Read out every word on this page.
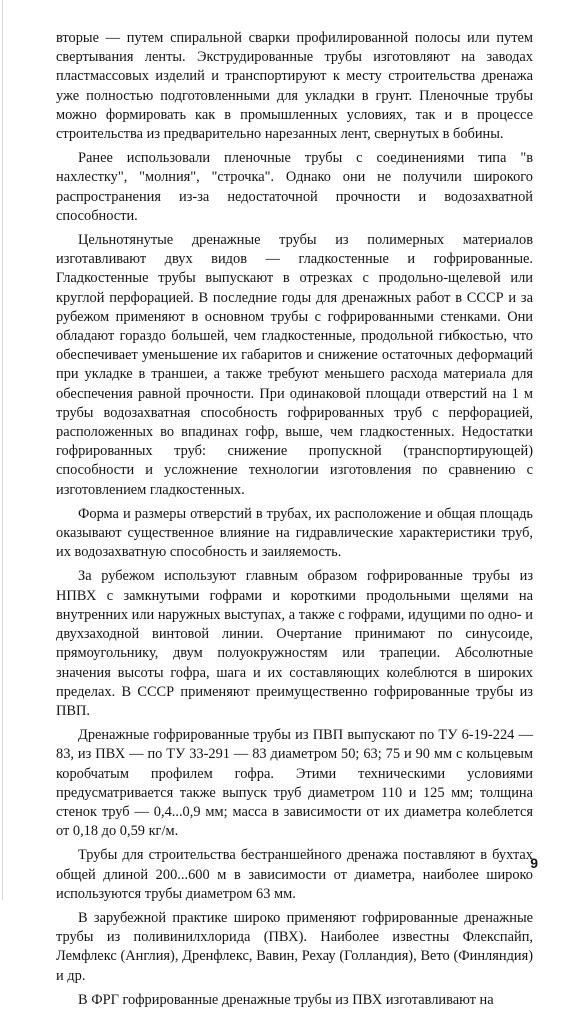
вторые — путем спиральной сварки профилированной полосы или путем свертывания ленты. Экструдированные трубы изготовляют на заводах пластмассовых изделий и транспортируют к месту строительства дренажа уже полностью подготовленными для укладки в грунт. Пленочные трубы можно формировать как в промышленных условиях, так и в процессе строительства из предварительно нарезанных лент, свернутых в бобины.

Ранее использовали пленочные трубы с соединениями типа "в нахлестку", "молния", "строчка". Однако они не получили широкого распространения из-за недостаточной прочности и водозахватной способности.

Цельнотянутые дренажные трубы из полимерных материалов изготавливают двух видов — гладкостенные и гофрированные. Гладкостенные трубы выпускают в отрезках с продольно-щелевой или круглой перфорацией. В последние годы для дренажных работ в СССР и за рубежом применяют в основном трубы с гофрированными стенками. Они обладают гораздо большей, чем гладкостенные, продольной гибкостью, что обеспечивает уменьшение их габаритов и снижение остаточных деформаций при укладке в траншеи, а также требуют меньшего расхода материала для обеспечения равной прочности. При одинаковой площади отверстий на 1 м трубы водозахватная способность гофрированных труб с перфорацией, расположенных во впадинах гофр, выше, чем гладкостенных. Недостатки гофрированных труб: снижение пропускной (транспортирующей) способности и усложнение технологии изготовления по сравнению с изготовлением гладкостенных.

Форма и размеры отверстий в трубах, их расположение и общая площадь оказывают существенное влияние на гидравлические характеристики труб, их водозахватную способность и заиляемость.

За рубежом используют главным образом гофрированные трубы из НПВХ с замкнутыми гофрами и короткими продольными щелями на внутренних или наружных выступах, а также с гофрами, идущими по одно- и двухзаходной винтовой линии. Очертание принимают по синусоиде, прямоугольнику, двум полуокружностям или трапеции. Абсолютные значения высоты гофра, шага и их составляющих колеблются в широких пределах. В СССР применяют преимущественно гофрированные трубы из ПВП.

Дренажные гофрированные трубы из ПВП выпускают по ТУ 6-19-224 — 83, из ПВХ — по ТУ 33-291 — 83 диаметром 50; 63; 75 и 90 мм с кольцевым коробчатым профилем гофра. Этими техническими условиями предусматривается также выпуск труб диаметром 110 и 125 мм; толщина стенок труб — 0,4...0,9 мм; масса в зависимости от их диаметра колеблется от 0,18 до 0,59 кг/м.

Трубы для строительства бестраншейного дренажа поставляют в бухтах общей длиной 200...600 м в зависимости от диаметра, наиболее широко используются трубы диаметром 63 мм.

В зарубежной практике широко применяют гофрированные дренажные трубы из поливинилхлорида (ПВХ). Наиболее известны Флекспайп, Лемфлекс (Англия), Дренфлекс, Вавин, Рехау (Голландия), Вето (Финляндия) и др.

В ФРГ гофрированные дренажные трубы из ПВХ изготавливают на

9
